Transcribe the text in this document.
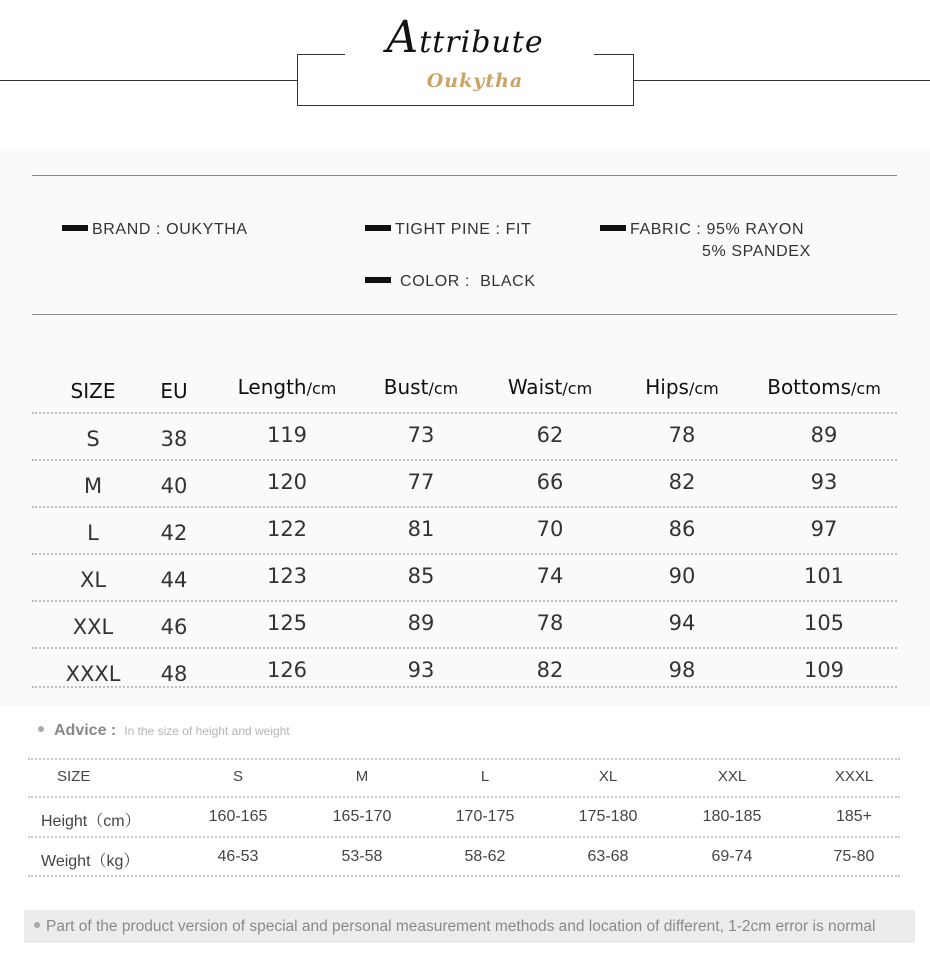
Attribute
Oukytha
BRAND : OUKYTHA	TIGHT PINE : FIT	FABRIC : 95% RAYON
5% SPANDEX
COLOR :  BLACK
SIZE	EU	Length/cm	Bust/cm	Waist/cm	Hips/cm	Bottoms/cm
S	38	119	73	62	78	89
M	40	120	77	66	82	93
L	42	122	81	70	86	97
XL	44	123	85	74	90	101
XXL	46	125	89	78	94	105
XXXL	48	126	93	82	98	109
Advice : In the size of height and weight
SIZE	S	M	L	XL	XXL	XXXL
Height（cm）	160-165	165-170	170-175	175-180	180-185	185+
Weight（kg）	46-53	53-58	58-62	63-68	69-74	75-80
Part of the product version of special and personal measurement methods and location of different, 1-2cm error is normal
